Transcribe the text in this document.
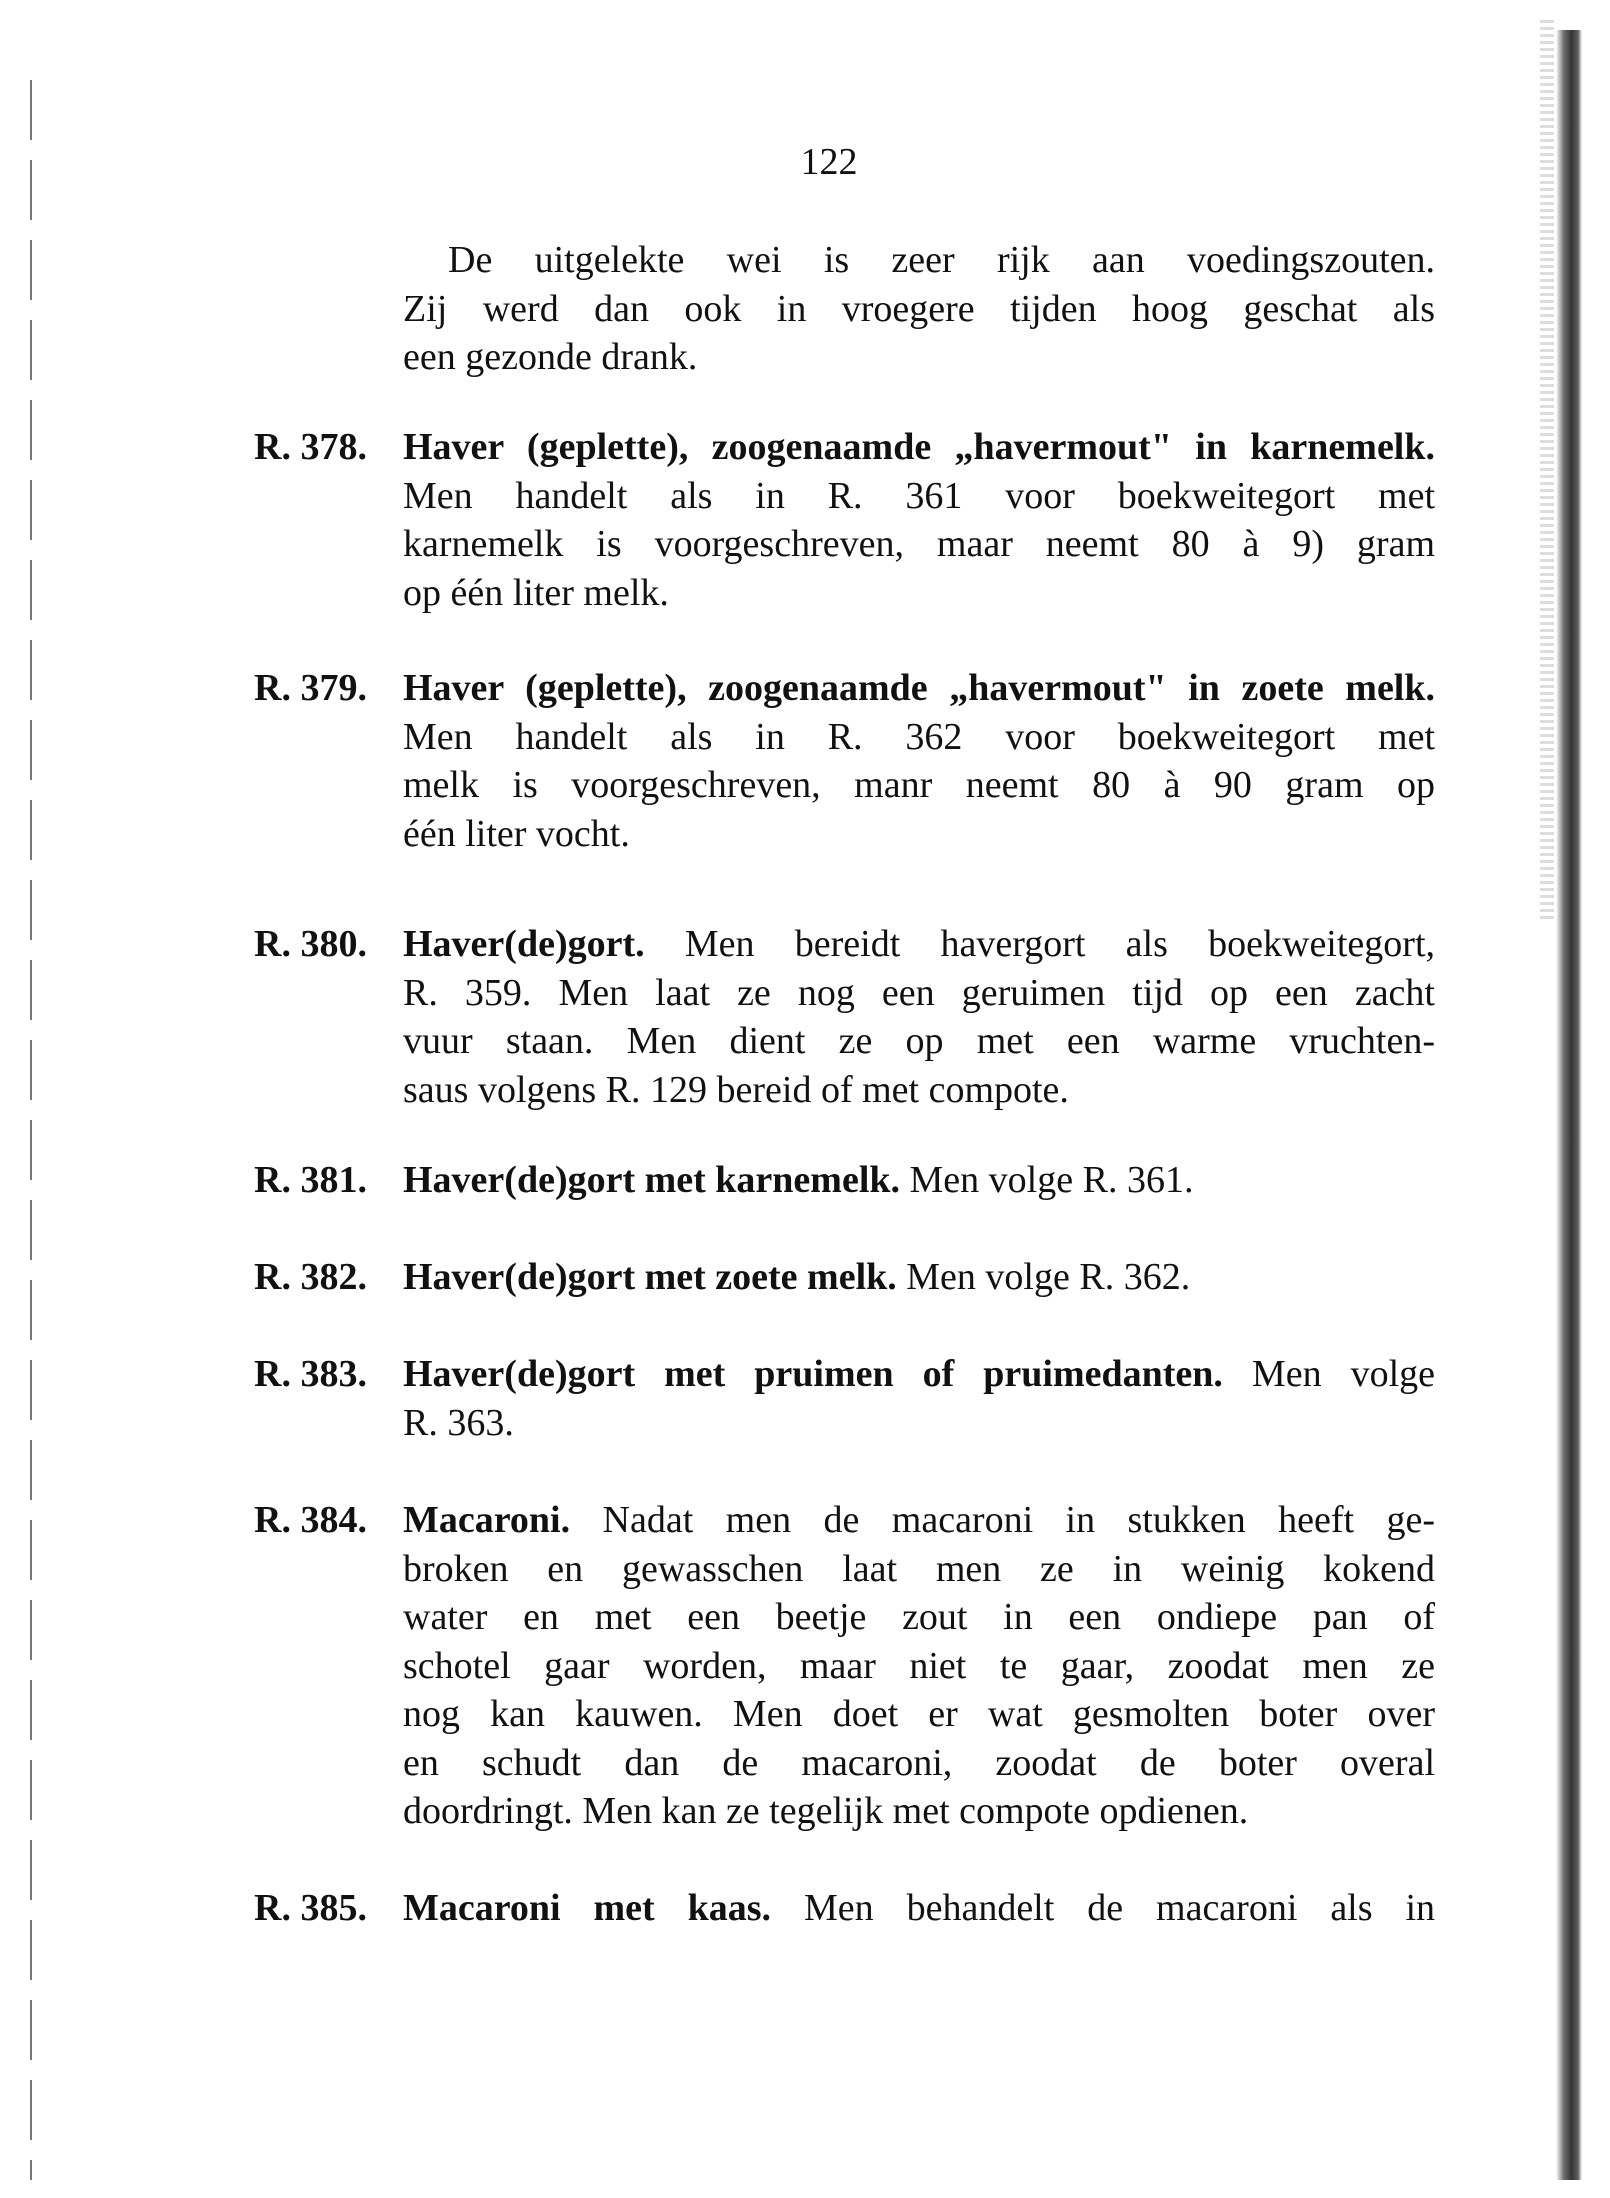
122
De uitgelekte wei is zeer rijk aan voedingszouten.
Zij werd dan ook in vroegere tijden hoog geschat als
een gezonde drank.
R. 378. Haver (geplette), zoogenaamde „havermout" in karnemelk.
Men handelt als in R. 361 voor boekweitegort met
karnemelk is voorgeschreven, maar neemt 80 à 9) gram
op één liter melk.
R. 379. Haver (geplette), zoogenaamde „havermout" in zoete melk.
Men handelt als in R. 362 voor boekweitegort met
melk is voorgeschreven, manr neemt 80 à 90 gram op
één liter vocht.
R. 380. Haver(de)gort. Men bereidt havergort als boekweitegort,
R. 359. Men laat ze nog een geruimen tijd op een zacht
vuur staan. Men dient ze op met een warme vruchten-
saus volgens R. 129 bereid of met compote.
R. 381. Haver(de)gort met karnemelk. Men volge R. 361.
R. 382. Haver(de)gort met zoete melk. Men volge R. 362.
R. 383. Haver(de)gort met pruimen of pruimedanten. Men volge
R. 363.
R. 384. Macaroni. Nadat men de macaroni in stukken heeft ge-
broken en gewasschen laat men ze in weinig kokend
water en met een beetje zout in een ondiepe pan of
schotel gaar worden, maar niet te gaar, zoodat men ze
nog kan kauwen. Men doet er wat gesmolten boter over
en schudt dan de macaroni, zoodat de boter overal
doordringt. Men kan ze tegelijk met compote opdienen.
R. 385. Macaroni met kaas. Men behandelt de macaroni als in
